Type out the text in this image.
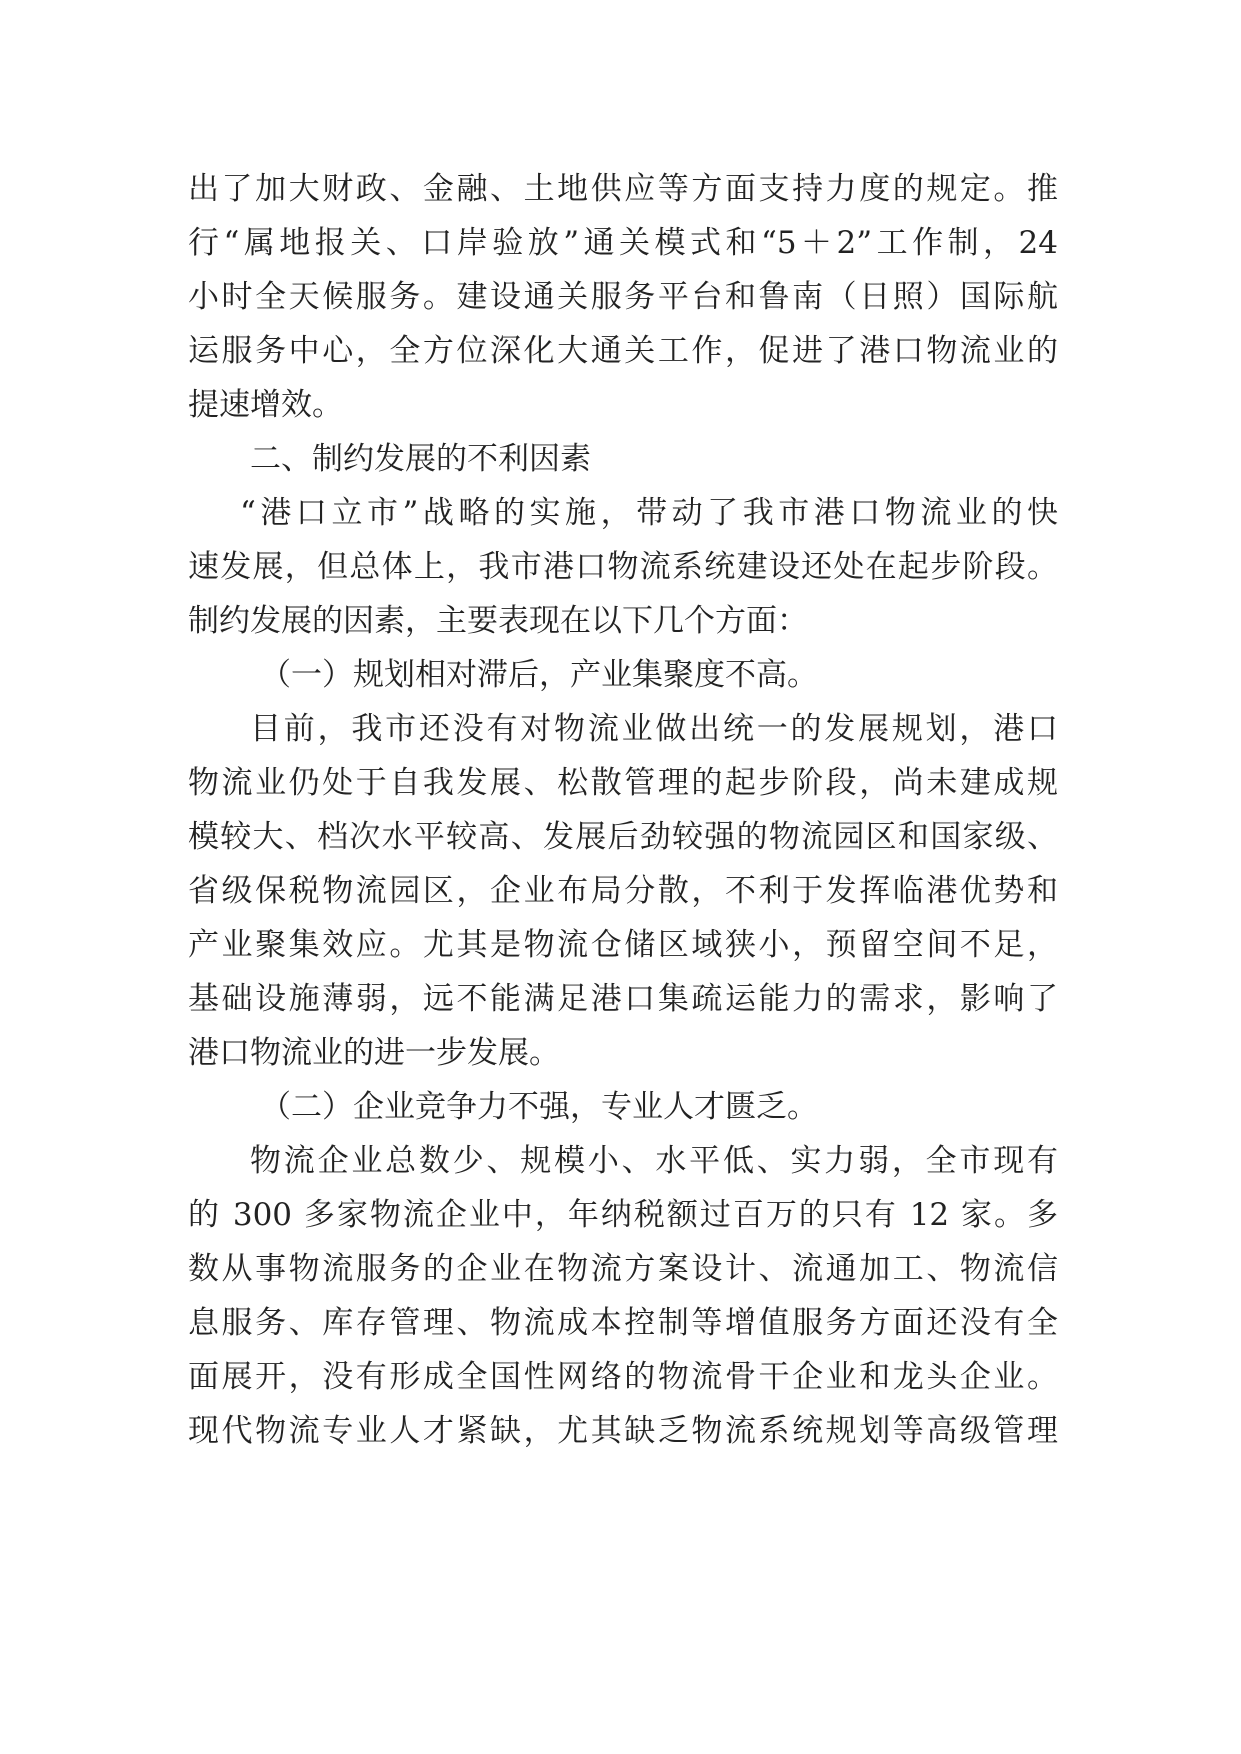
出了加大财政、金融、土地供应等方面支持力度的规定。推
行“属地报关、口岸验放”通关模式和“5＋2”工作制，24
小时全天候服务。建设通关服务平台和鲁南（日照）国际航
运服务中心，全方位深化大通关工作，促进了港口物流业的
提速增效。
二、制约发展的不利因素
“港口立市”战略的实施，带动了我市港口物流业的快
速发展，但总体上，我市港口物流系统建设还处在起步阶段。
制约发展的因素，主要表现在以下几个方面：
（一）规划相对滞后，产业集聚度不高。
目前，我市还没有对物流业做出统一的发展规划，港口
物流业仍处于自我发展、松散管理的起步阶段，尚未建成规
模较大、档次水平较高、发展后劲较强的物流园区和国家级、
省级保税物流园区，企业布局分散，不利于发挥临港优势和
产业聚集效应。尤其是物流仓储区域狭小，预留空间不足，
基础设施薄弱，远不能满足港口集疏运能力的需求，影响了
港口物流业的进一步发展。
（二）企业竞争力不强，专业人才匮乏。
物流企业总数少、规模小、水平低、实力弱，全市现有
的 300 多家物流企业中，年纳税额过百万的只有 12 家。多
数从事物流服务的企业在物流方案设计、流通加工、物流信
息服务、库存管理、物流成本控制等增值服务方面还没有全
面展开，没有形成全国性网络的物流骨干企业和龙头企业。
现代物流专业人才紧缺，尤其缺乏物流系统规划等高级管理
